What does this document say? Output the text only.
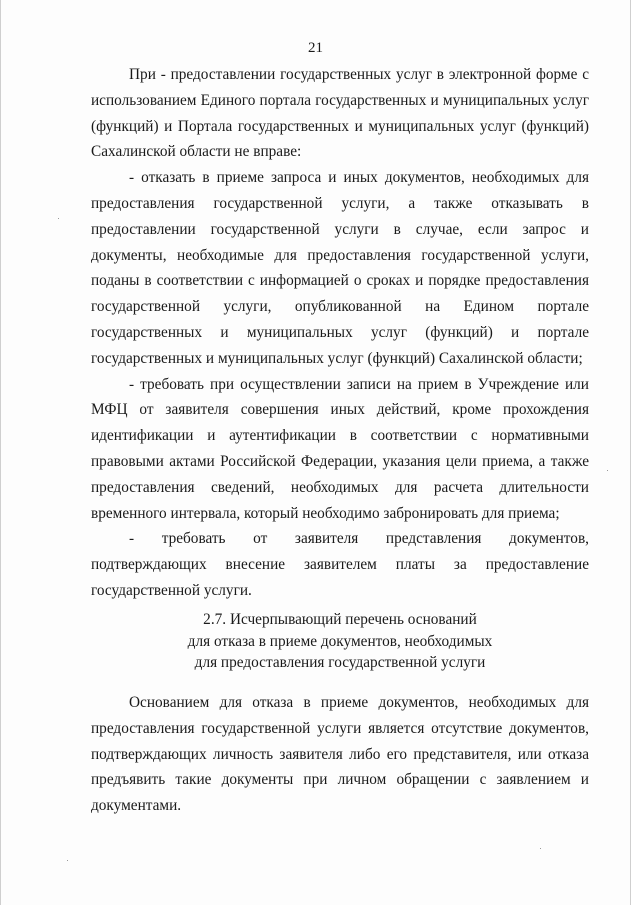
21

При - предоставлении государственных услуг в электронной форме с использованием Единого портала государственных и муниципальных услуг (функций) и Портала государственных и муниципальных услуг (функций) Сахалинской области не вправе:

- отказать в приеме запроса и иных документов, необходимых для предоставления государственной услуги, а также отказывать в предоставлении государственной услуги в случае, если запрос и документы, необходимые для предоставления государственной услуги, поданы в соответствии с информацией о сроках и порядке предоставления государственной услуги, опубликованной на Едином портале государственных и муниципальных услуг (функций) и портале государственных и муниципальных услуг (функций) Сахалинской области;

- требовать при осуществлении записи на прием в Учреждение или МФЦ от заявителя совершения иных действий, кроме прохождения идентификации и аутентификации в соответствии с нормативными правовыми актами Российской Федерации, указания цели приема, а также предоставления сведений, необходимых для расчета длительности временного интервала, который необходимо забронировать для приема;

- требовать от заявителя представления документов, подтверждающих внесение заявителем платы за предоставление государственной услуги.

2.7. Исчерпывающий перечень оснований
для отказа в приеме документов, необходимых
для предоставления государственной услуги

Основанием для отказа в приеме документов, необходимых для предоставления государственной услуги является отсутствие документов, подтверждающих личность заявителя либо его представителя, или отказа предъявить такие документы при личном обращении с заявлением и документами.
